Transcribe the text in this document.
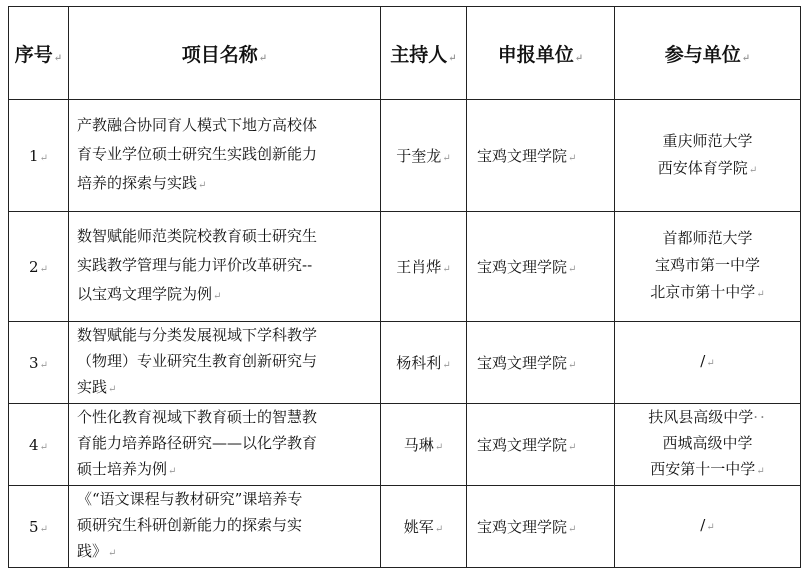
序号↵	项目名称↵	主持人↵	申报单位↵	参与单位↵
1↵	产教融合协同育人模式下地方高校体
育专业学位硕士研究生实践创新能力
培养的探索与实践↵	于奎龙↵	宝鸡文理学院↵	重庆师范大学
西安体育学院↵

2↵	数智赋能师范类院校教育硕士研究生
实践教学管理与能力评价改革研究--
以宝鸡文理学院为例↵	王肖烨↵	宝鸡文理学院↵	首都师范大学
宝鸡市第一中学
北京市第十中学↵

3↵	数智赋能与分类发展视域下学科教学
（物理）专业研究生教育创新研究与
实践↵	杨科利↵	宝鸡文理学院↵	/↵

4↵	个性化教育视域下教育硕士的智慧教
育能力培养路径研究——以化学教育
硕士培养为例↵	马琳↵	宝鸡文理学院↵	扶风县高级中学··
西城高级中学
西安第十一中学↵

5↵	《“语文课程与教材研究”课培养专
硕研究生科研创新能力的探索与实
践》↵	姚军↵	宝鸡文理学院↵	/↵
